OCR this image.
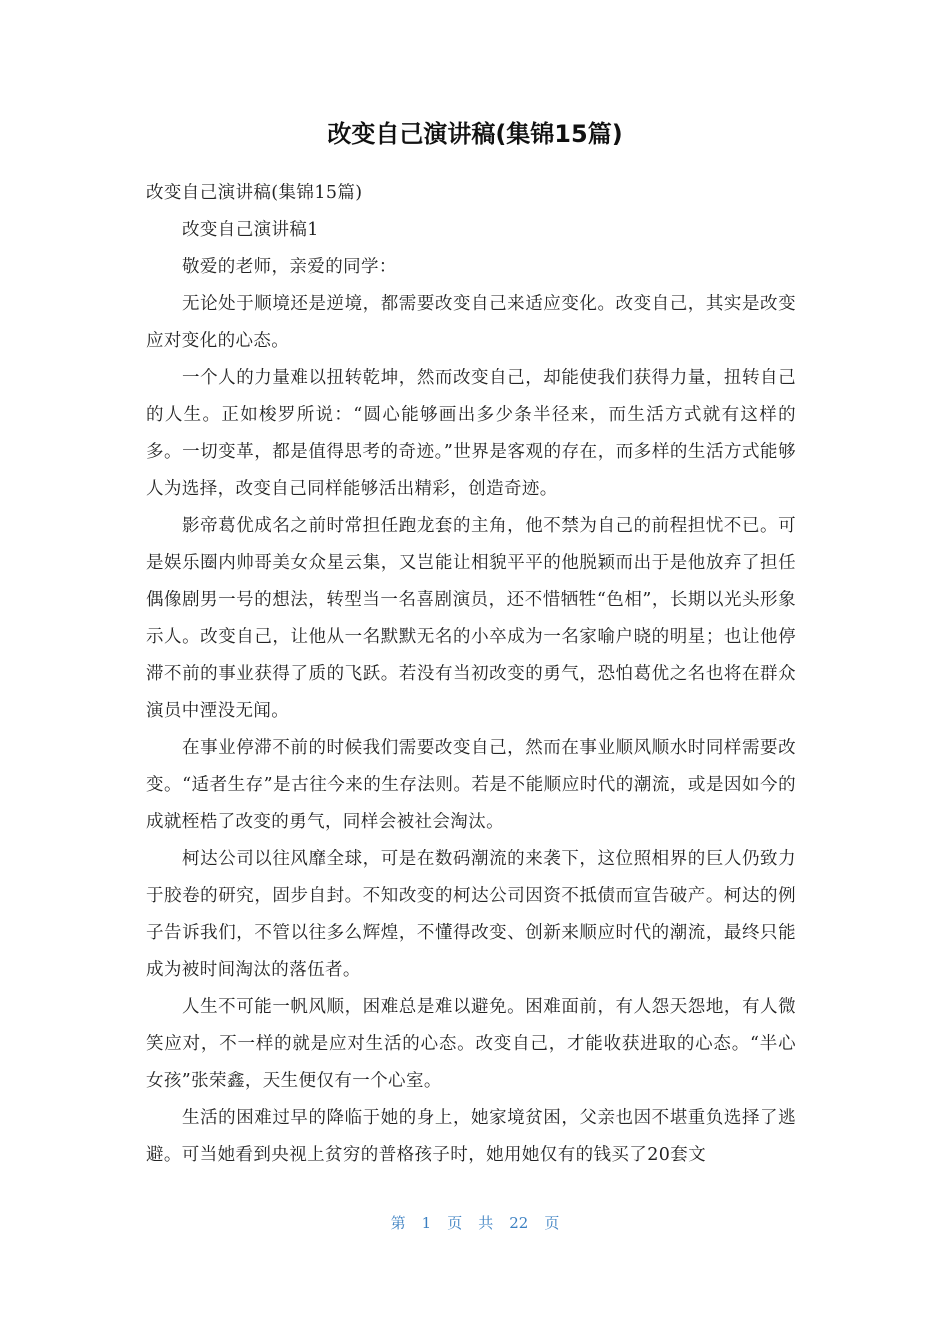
改变自己演讲稿(集锦15篇)

改变自己演讲稿(集锦15篇)

改变自己演讲稿1

敬爱的老师，亲爱的同学：

无论处于顺境还是逆境，都需要改变自己来适应变化。改变自己，其实是改变应对变化的心态。

一个人的力量难以扭转乾坤，然而改变自己，却能使我们获得力量，扭转自己的人生。正如梭罗所说：“圆心能够画出多少条半径来，而生活方式就有这样的多。一切变革，都是值得思考的奇迹。”世界是客观的存在，而多样的生活方式能够人为选择，改变自己同样能够活出精彩，创造奇迹。

影帝葛优成名之前时常担任跑龙套的主角，他不禁为自己的前程担忧不已。可是娱乐圈内帅哥美女众星云集，又岂能让相貌平平的他脱颖而出于是他放弃了担任偶像剧男一号的想法，转型当一名喜剧演员，还不惜牺牲“色相”，长期以光头形象示人。改变自己，让他从一名默默无名的小卒成为一名家喻户晓的明星；也让他停滞不前的事业获得了质的飞跃。若没有当初改变的勇气，恐怕葛优之名也将在群众演员中湮没无闻。

在事业停滞不前的时候我们需要改变自己，然而在事业顺风顺水时同样需要改变。“适者生存”是古往今来的生存法则。若是不能顺应时代的潮流，或是因如今的成就桎梏了改变的勇气，同样会被社会淘汰。

柯达公司以往风靡全球，可是在数码潮流的来袭下，这位照相界的巨人仍致力于胶卷的研究，固步自封。不知改变的柯达公司因资不抵债而宣告破产。柯达的例子告诉我们，不管以往多么辉煌，不懂得改变、创新来顺应时代的潮流，最终只能成为被时间淘汰的落伍者。

人生不可能一帆风顺，困难总是难以避免。困难面前，有人怨天怨地，有人微笑应对，不一样的就是应对生活的心态。改变自己，才能收获进取的心态。“半心女孩”张荣鑫，天生便仅有一个心室。

生活的困难过早的降临于她的身上，她家境贫困，父亲也因不堪重负选择了逃避。可当她看到央视上贫穷的普格孩子时，她用她仅有的钱买了20套文

第 1 页 共 22 页
